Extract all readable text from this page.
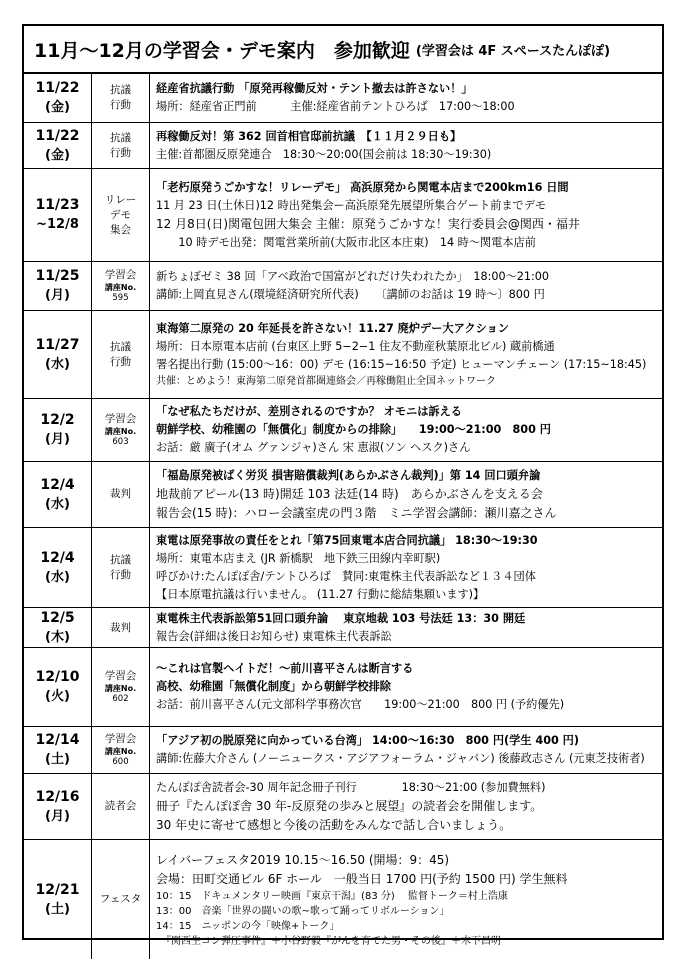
11月～12月の学習会・デモ案内　参加歓迎 (学習会は 4F スペースたんぽぽ)
11/22
(金)
抗議
行動
経産省抗議行動 「原発再稼働反対・テント撤去は許さない！」
場所：経産省正門前　　　主催:経産省前テントひろば　17:00～18:00
11/22
(金)
抗議
行動
再稼働反対！第 362 回首相官邸前抗議　【１１月２９日も】
主催:首都圏反原発連合　18:30～20:00(国会前は 18:30～19:30)
11/23
~12/8
リレー
デモ
集会
「老朽原発うごかすな！リレーデモ」 高浜原発から関電本店まで200km16 日間
11 月 23 日(土休日)12 時出発集会ー高浜原発先展望所集合ゲート前までデモ
12 月8日(日)関電包囲大集会 主催：原発うごかすな！実行委員会@関西・福井
　　10 時デモ出発：関電営業所前(大阪市北区本庄東)　14 時～関電本店前
11/25
(月)
学習会
講座No.
595
新ちょぼゼミ 38 回「アベ政治で国富がどれだけ失われたか」　18:00～21:00
講師:上岡直見さん(環境経済研究所代表)　　〔講師のお話は 19 時～〕800 円
11/27
(水)
抗議
行動
東海第二原発の 20 年延長を許さない！11.27 廃炉デー大アクション
場所：日本原電本店前 (台東区上野 5−2−1 住友不動産秋葉原北ビル) 蔵前橋通
署名提出行動 (15:00～16：00) デモ (16:15~16:50 予定) ヒューマンチェーン (17:15~18:45)
共催：とめよう！東海第二原発首都圏連絡会／再稼働阻止全国ネットワーク
12/2
(月)
学習会
講座No.
603
「なぜ私たちだけが、差別されるのですか？ オモニは訴える
朝鮮学校、幼稚園の「無償化」制度からの排除」　　19:00～21:00　800 円
お話：厳 廣子(オム グァンジャ)さん 宋 恵淑(ソン ヘスク)さん
12/4
(水)
裁判
「福島原発被ばく労災 損害賠償裁判(あらかぶさん裁判)」第 14 回口頭弁論
地裁前アピール(13 時)開廷 103 法廷(14 時)　あらかぶさんを支える会
報告会(15 時)：ハロー会議室虎の門３階　ミニ学習会講師：瀬川嘉之さん
12/4
(水)
抗議
行動
東電は原発事故の責任をとれ「第75回東電本店合同抗議」 18:30～19:30
場所：東電本店まえ (JR 新橋駅　地下鉄三田線内幸町駅)
呼びかけ:たんぽぽ舎/テントひろば　賛同:東電株主代表訴訟など１３４団体
【日本原電抗議は行いません。 (11.27 行動に総結集願います)】
12/5
(木)
裁判
東電株主代表訴訟第51回口頭弁論　 東京地裁 103 号法廷 13：30 開廷
報告会(詳細は後日お知らせ) 東電株主代表訴訟
12/10
(火)
学習会
講座No.
602
～これは官製ヘイトだ！～前川喜平さんは断言する
高校、幼稚園「無償化制度」から朝鮮学校排除
お話：前川喜平さん(元文部科学事務次官　　19:00～21:00　800 円 (予約優先)
12/14
(土)
学習会
講座No.
600
「アジア初の脱原発に向かっている台湾」 14:00～16:30　800 円(学生 400 円)
講師:佐藤大介さん (ノーニュークス・アジアフォーラム・ジャパン) 後藤政志さん (元東芝技術者)
12/16
(月)
読者会
たんぽぽ舎読者会-30 周年記念冊子刊行　　　　18:30～21:00 (参加費無料)
冊子『たんぽぽ舎 30 年-反原発の歩みと展望』の読者会を開催します。
30 年史に寄せて感想と今後の活動をみんなで話し合いましょう。
12/21
(土)
フェスタ
レイバーフェスタ2019 10.15～16.50 (開場：9：45)
会場：田町交通ビル 6F ホール　一般当日 1700 円(予約 1500 円) 学生無料
10：15　ドキュメンタリー映画『東京干潟』(83 分)　 監督トーク＝村上浩康
13：00　音楽「世界の闘いの歌~歌って踊ってリボルーション」
14：15　ニッポンの今「映像+トーク」
　『関西生コン弾圧事件』＋小谷野毅『がんを育てた男・その後』＋木下昌明
